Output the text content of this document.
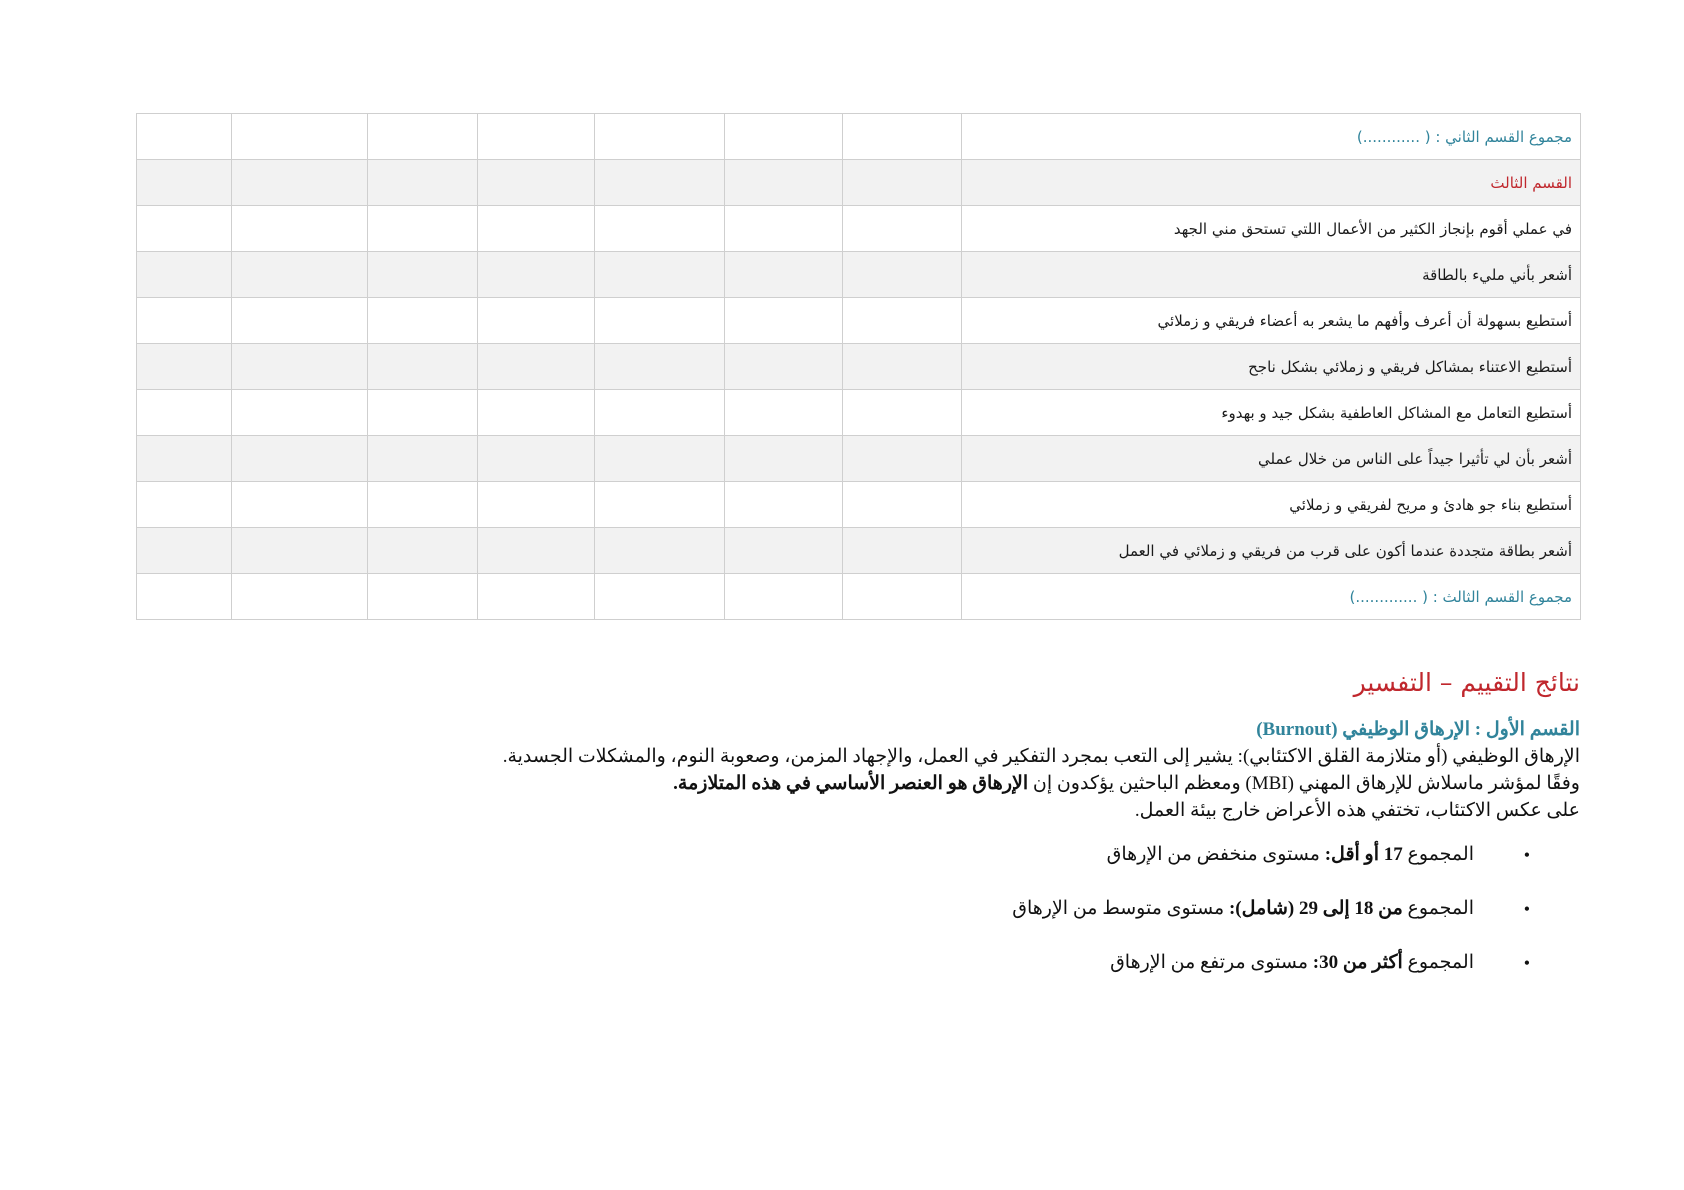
							مجموع القسم الثاني : ( ............)
							القسم الثالث
							في عملي أقوم بإنجاز الكثير من الأعمال اللتي تستحق مني الجهد
							أشعر بأني مليء بالطاقة
							أستطيع بسهولة أن أعرف وأفهم ما يشعر به أعضاء فريقي و زملائي
							أستطيع الاعتناء بمشاكل فريقي و زملائي بشكل ناجح
							أستطيع التعامل مع المشاكل العاطفية بشكل جيد و بهدوء
							أشعر بأن لي تأثيرا جيداً على الناس من خلال عملي
							أستطيع بناء جو هادئ و مريح لفريقي و زملائي
							أشعر بطاقة متجددة عندما أكون على قرب من فريقي و زملائي في العمل
							مجموع القسم الثالث : ( .............)
نتائج التقييم – التفسير

القسم الأول : الإرهاق الوظيفي (Burnout)

الإرهاق الوظيفي (أو متلازمة القلق الاكتئابي): يشير إلى التعب بمجرد التفكير في العمل، والإجهاد المزمن، وصعوبة النوم، والمشكلات الجسدية.

وفقًا لمؤشر ماسلاش للإرهاق المهني (MBI) ومعظم الباحثين يؤكدون إن الإرهاق هو العنصر الأساسي في هذه المتلازمة.

على عكس الاكتئاب، تختفي هذه الأعراض خارج بيئة العمل.

•
المجموع 17 أو أقل: مستوى منخفض من الإرهاق
•
المجموع من 18 إلى 29 (شامل): مستوى متوسط من الإرهاق
•
المجموع أكثر من 30: مستوى مرتفع من الإرهاق
